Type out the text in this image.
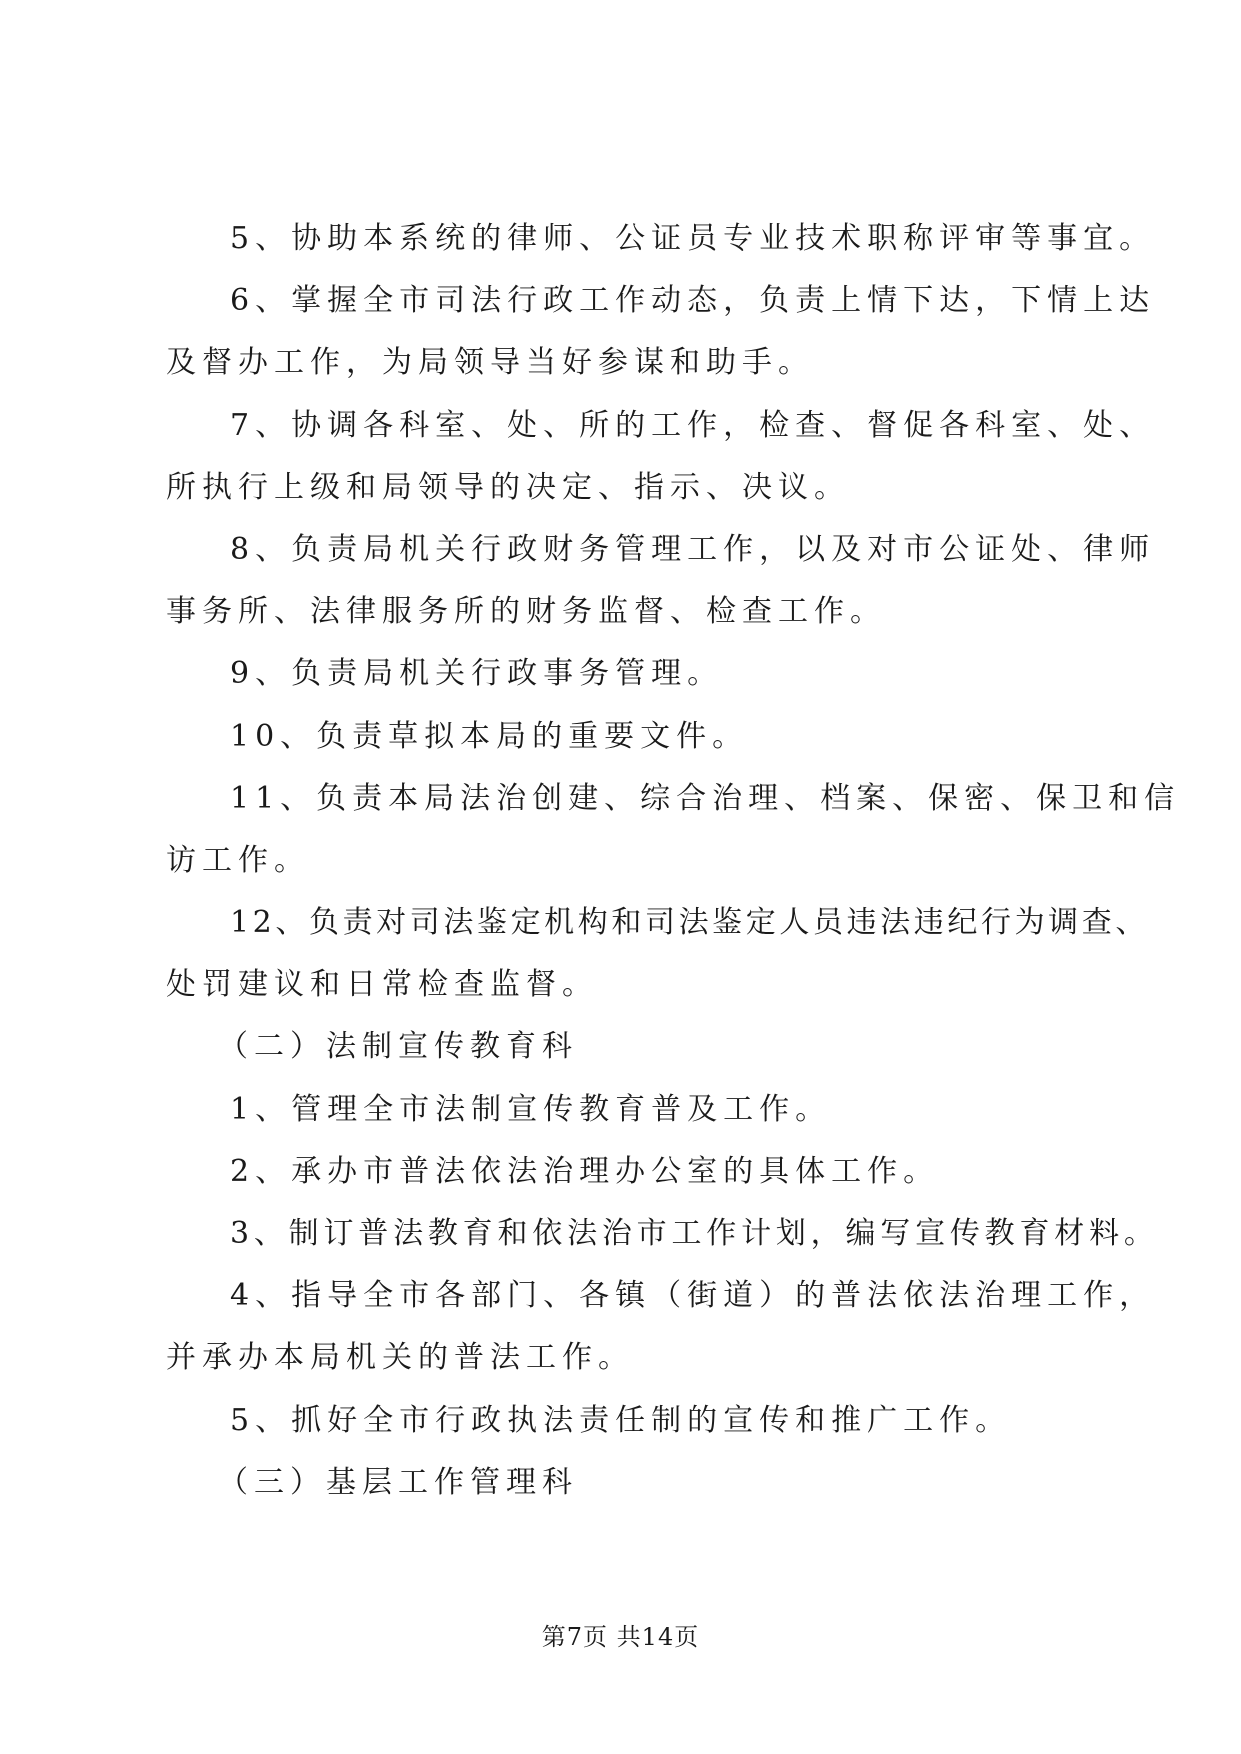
5、协助本系统的律师、公证员专业技术职称评审等事宜。
6、掌握全市司法行政工作动态，负责上情下达，下情上达
及督办工作，为局领导当好参谋和助手。
7、协调各科室、处、所的工作，检查、督促各科室、处、
所执行上级和局领导的决定、指示、决议。
8、负责局机关行政财务管理工作，以及对市公证处、律师
事务所、法律服务所的财务监督、检查工作。
9、负责局机关行政事务管理。
10、负责草拟本局的重要文件。
11、负责本局法治创建、综合治理、档案、保密、保卫和信
访工作。
12、负责对司法鉴定机构和司法鉴定人员违法违纪行为调查、
处罚建议和日常检查监督。
（二）法制宣传教育科
1、管理全市法制宣传教育普及工作。
2、承办市普法依法治理办公室的具体工作。
3、制订普法教育和依法治市工作计划，编写宣传教育材料。
4、指导全市各部门、各镇（街道）的普法依法治理工作，
并承办本局机关的普法工作。
5、抓好全市行政执法责任制的宣传和推广工作。
（三）基层工作管理科
第7页 共14页
